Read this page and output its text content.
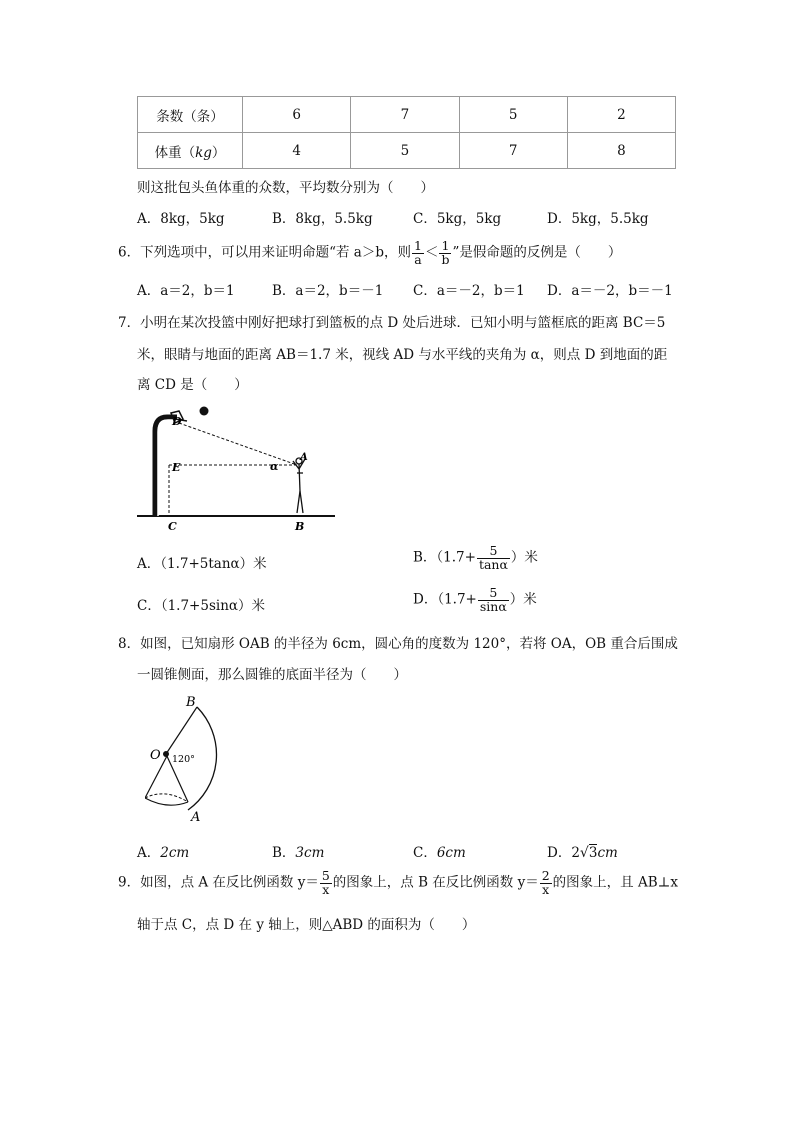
条数（条）	6	7	5	2
体重（kg）	4	5	7	8
则这批包头鱼体重的众数，平均数分别为（　　）
A．8kg，5kg	B．8kg，5.5kg	C．5kg，5kg	D．5kg，5.5kg
6．下列选项中，可以用来证明命题“若 a＞b，则 $\frac{1}{a} < \frac{1}{b}$ ”是假命题的反例是（　　）
A．a＝2，b＝1	B．a＝2，b＝－1 C．a＝－2，b＝1 D．a＝－2，b＝－1
7．小明在某次投篮中刚好把球打到篮板的点 D 处后进球．已知小明与篮框底的距离 BC＝5
米，眼睛与地面的距离 AB＝1.7 米，视线 AD 与水平线的夹角为 α，则点 D 到地面的距
离 CD 是（　　）
D
E
C	B
A
α
A．（1.7+5tanα）米	B．（$1.7+ \frac{5}{\tan\alpha}$ ）米
C．（1.7+5sinα）米	D．（$1.7+ \frac{5}{\sin\alpha}$ ）米
8．如图，已知扇形 OAB 的半径为 6cm，圆心角的度数为 120°，若将 OA，OB 重合后围成
一圆锥侧面，那么圆锥的底面半径为（　　）
B
O
A
120°
A．2cm	B．3cm	C．6cm	D．2√3cm
9．如图，点 A 在反比例函数 $y= \frac{5}{x}$ 的图象上，点 B 在反比例函数 $y= \frac{2}{x}$ 的图象上，且 AB⊥x
轴于点 C，点 D 在 y 轴上，则△ABD 的面积为（　　）
